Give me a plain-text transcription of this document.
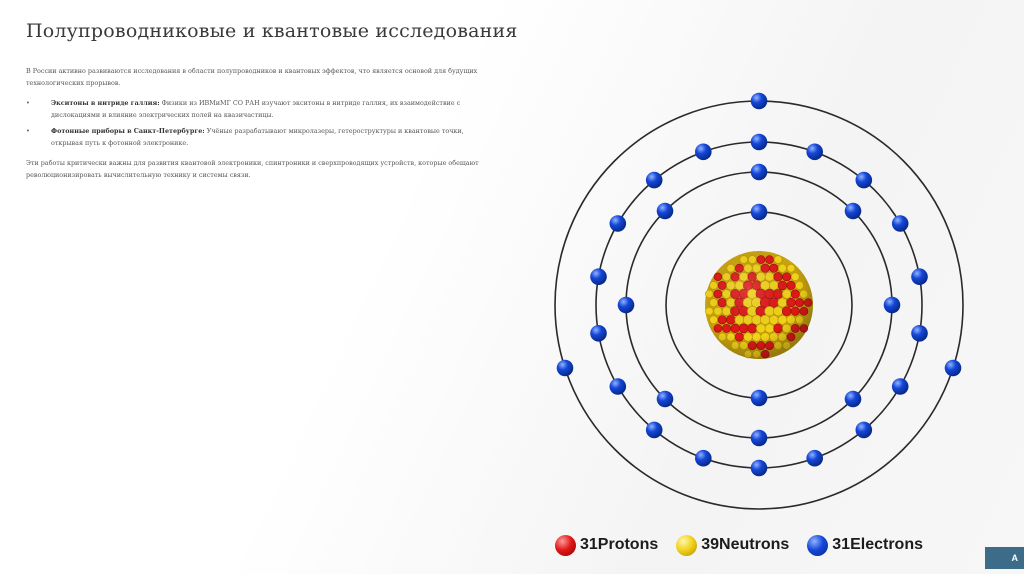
Полупроводниковые и квантовые исследования

В России активно развиваются исследования в области полупроводников и квантовых эффектов, что является основой для будущих технологических прорывов.

•	Экситоны в нитриде галлия: Физики из ИВМиМГ СО РАН изучают экситоны в нитриде галлия, их взаимодействие с дислокациями и влияние электрических полей на квазичастицы.
•	Фотонные приборы в Санкт-Петербурге: Учёные разрабатывают микролазеры, гетероструктуры и квантовые точки, открывая путь к фотонной электронике.

Эти работы критически важны для развития квантовой электроники, спинтроники и сверхпроводящих устройств, которые обещают революционизировать вычислительную технику и системы связи.

31 Protons	39 Neutrons	31 Electrons
A
